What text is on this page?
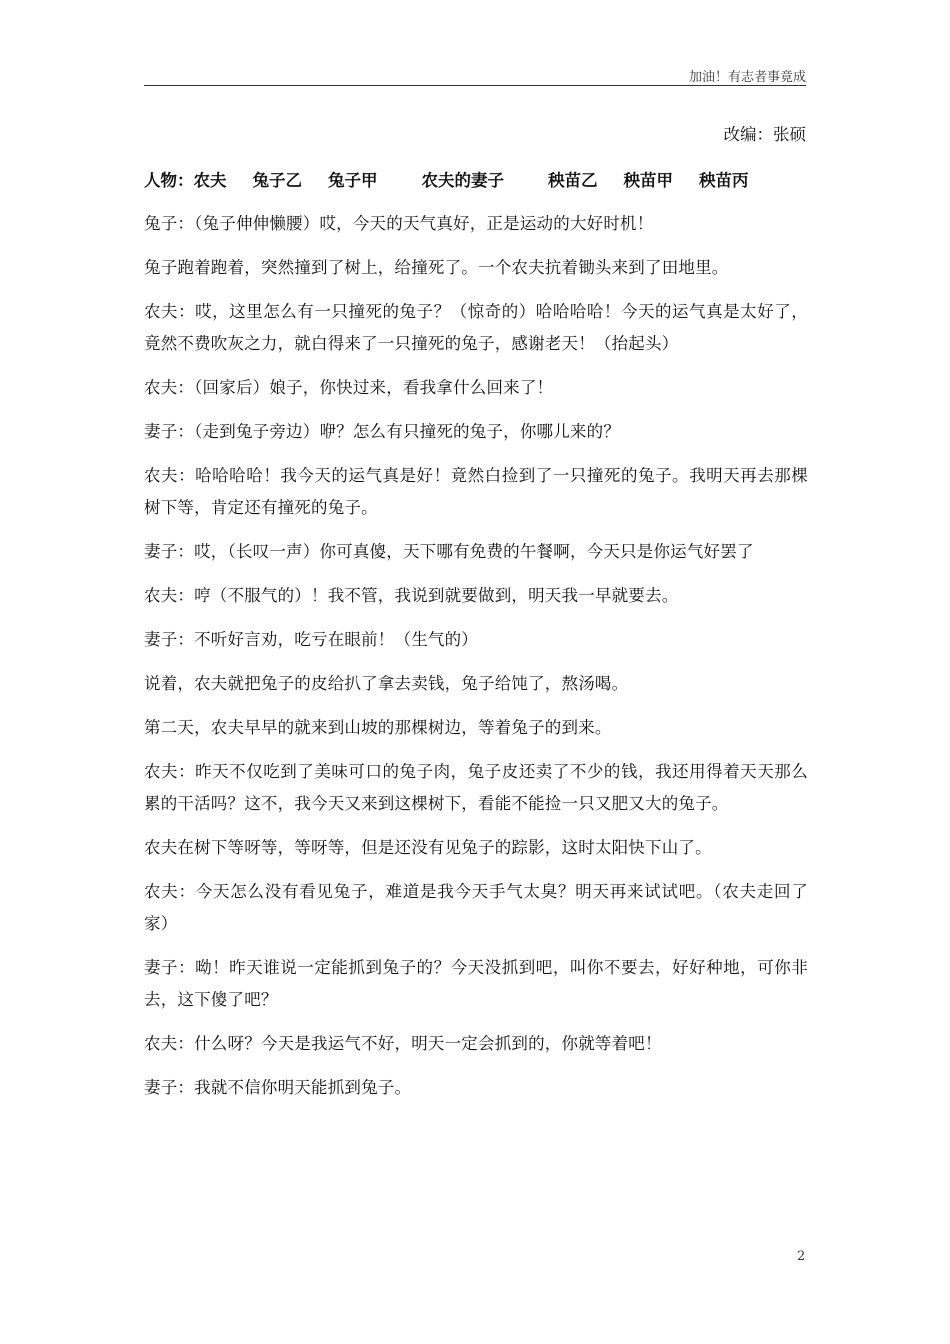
加油！有志者事竟成
改编：张硕
人物：农夫 兔子乙 兔子甲	农夫的妻子	秧苗乙 秧苗甲 秧苗丙

兔子：（兔子伸伸懒腰）哎，今天的天气真好，正是运动的大好时机！

兔子跑着跑着，突然撞到了树上，给撞死了。一个农夫抗着锄头来到了田地里。

农夫：哎，这里怎么有一只撞死的兔子？（惊奇的）哈哈哈哈！今天的运气真是太好了，竟然不费吹灰之力，就白得来了一只撞死的兔子，感谢老天！（抬起头）

农夫：（回家后）娘子，你快过来，看我拿什么回来了！

妻子：（走到兔子旁边）咿？怎么有只撞死的兔子，你哪儿来的？

农夫：哈哈哈哈！我今天的运气真是好！竟然白捡到了一只撞死的兔子。我明天再去那棵树下等，肯定还有撞死的兔子。

妻子：哎，（长叹一声）你可真傻，天下哪有免费的午餐啊，今天只是你运气好罢了

农夫：哼（不服气的）！我不管，我说到就要做到，明天我一早就要去。

妻子：不听好言劝，吃亏在眼前！（生气的）

说着，农夫就把兔子的皮给扒了拿去卖钱，兔子给饨了，熬汤喝。

第二天，农夫早早的就来到山坡的那棵树边，等着兔子的到来。

农夫：昨天不仅吃到了美味可口的兔子肉，兔子皮还卖了不少的钱，我还用得着天天那么累的干活吗？这不，我今天又来到这棵树下，看能不能捡一只又肥又大的兔子。

农夫在树下等呀等，等呀等，但是还没有见兔子的踪影，这时太阳快下山了。

农夫：今天怎么没有看见兔子，难道是我今天手气太臭？明天再来试试吧。（农夫走回了家）

妻子：呦！昨天谁说一定能抓到兔子的？今天没抓到吧，叫你不要去，好好种地，可你非去，这下傻了吧？

农夫：什么呀？今天是我运气不好，明天一定会抓到的，你就等着吧！

妻子：我就不信你明天能抓到兔子。

2
